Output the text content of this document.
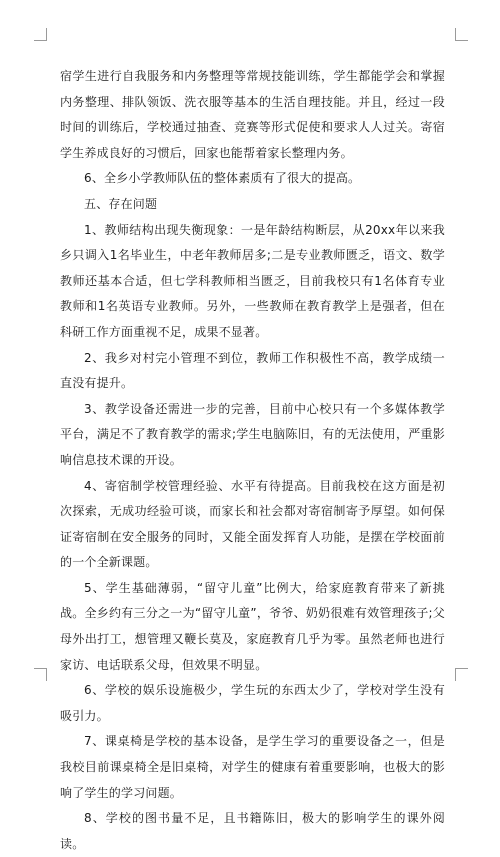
宿学生进行自我服务和内务整理等常规技能训练，学生都能学会和掌握内务整理、排队领饭、洗衣服等基本的生活自理技能。并且，经过一段时间的训练后，学校通过抽查、竞赛等形式促使和要求人人过关。寄宿学生养成良好的习惯后，回家也能帮着家长整理内务。

6、全乡小学教师队伍的整体素质有了很大的提高。

五、存在问题

1、教师结构出现失衡现象：一是年龄结构断层，从20xx年以来我乡只调入1名毕业生，中老年教师居多;二是专业教师匮乏，语文、数学教师还基本合适，但七学科教师相当匮乏，目前我校只有1名体育专业教师和1名英语专业教师。另外，一些教师在教育教学上是强者，但在科研工作方面重视不足，成果不显著。

2、我乡对村完小管理不到位，教师工作积极性不高，教学成绩一直没有提升。

3、教学设备还需进一步的完善，目前中心校只有一个多媒体教学平台，满足不了教育教学的需求;学生电脑陈旧，有的无法使用，严重影响信息技术课的开设。

4、寄宿制学校管理经验、水平有待提高。目前我校在这方面是初次探索，无成功经验可谈，而家长和社会都对寄宿制寄予厚望。如何保证寄宿制在安全服务的同时，又能全面发挥育人功能，是摆在学校面前的一个全新课题。

5、学生基础薄弱，“留守儿童”比例大，给家庭教育带来了新挑战。全乡约有三分之一为“留守儿童”，爷爷、奶奶很难有效管理孩子;父母外出打工，想管理又鞭长莫及，家庭教育几乎为零。虽然老师也进行家访、电话联系父母，但效果不明显。

6、学校的娱乐设施极少，学生玩的东西太少了，学校对学生没有吸引力。

7、课桌椅是学校的基本设备，是学生学习的重要设备之一，但是我校目前课桌椅全是旧桌椅，对学生的健康有着重要影响，也极大的影响了学生的学习问题。

8、学校的图书量不足，且书籍陈旧，极大的影响学生的课外阅读。
